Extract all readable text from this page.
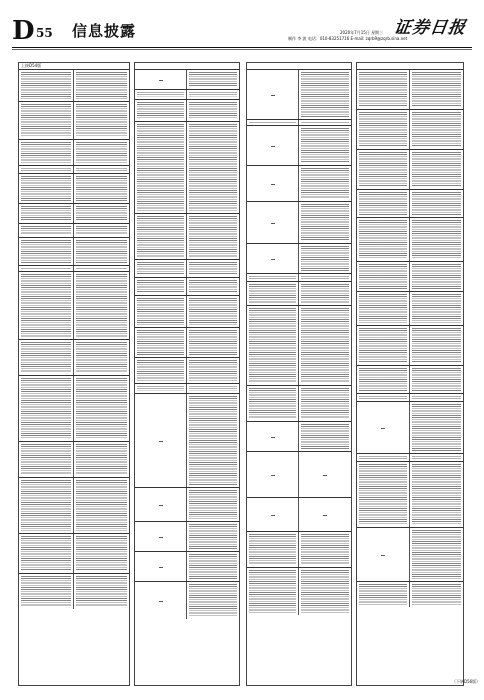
D 55 信息披露	2020年7月15日 星期三
制作 李 波 电话：010-83251716 E-mail: zqrb9@zqrb.sina.net
证券日报
上接D54版
（下转D56版）
